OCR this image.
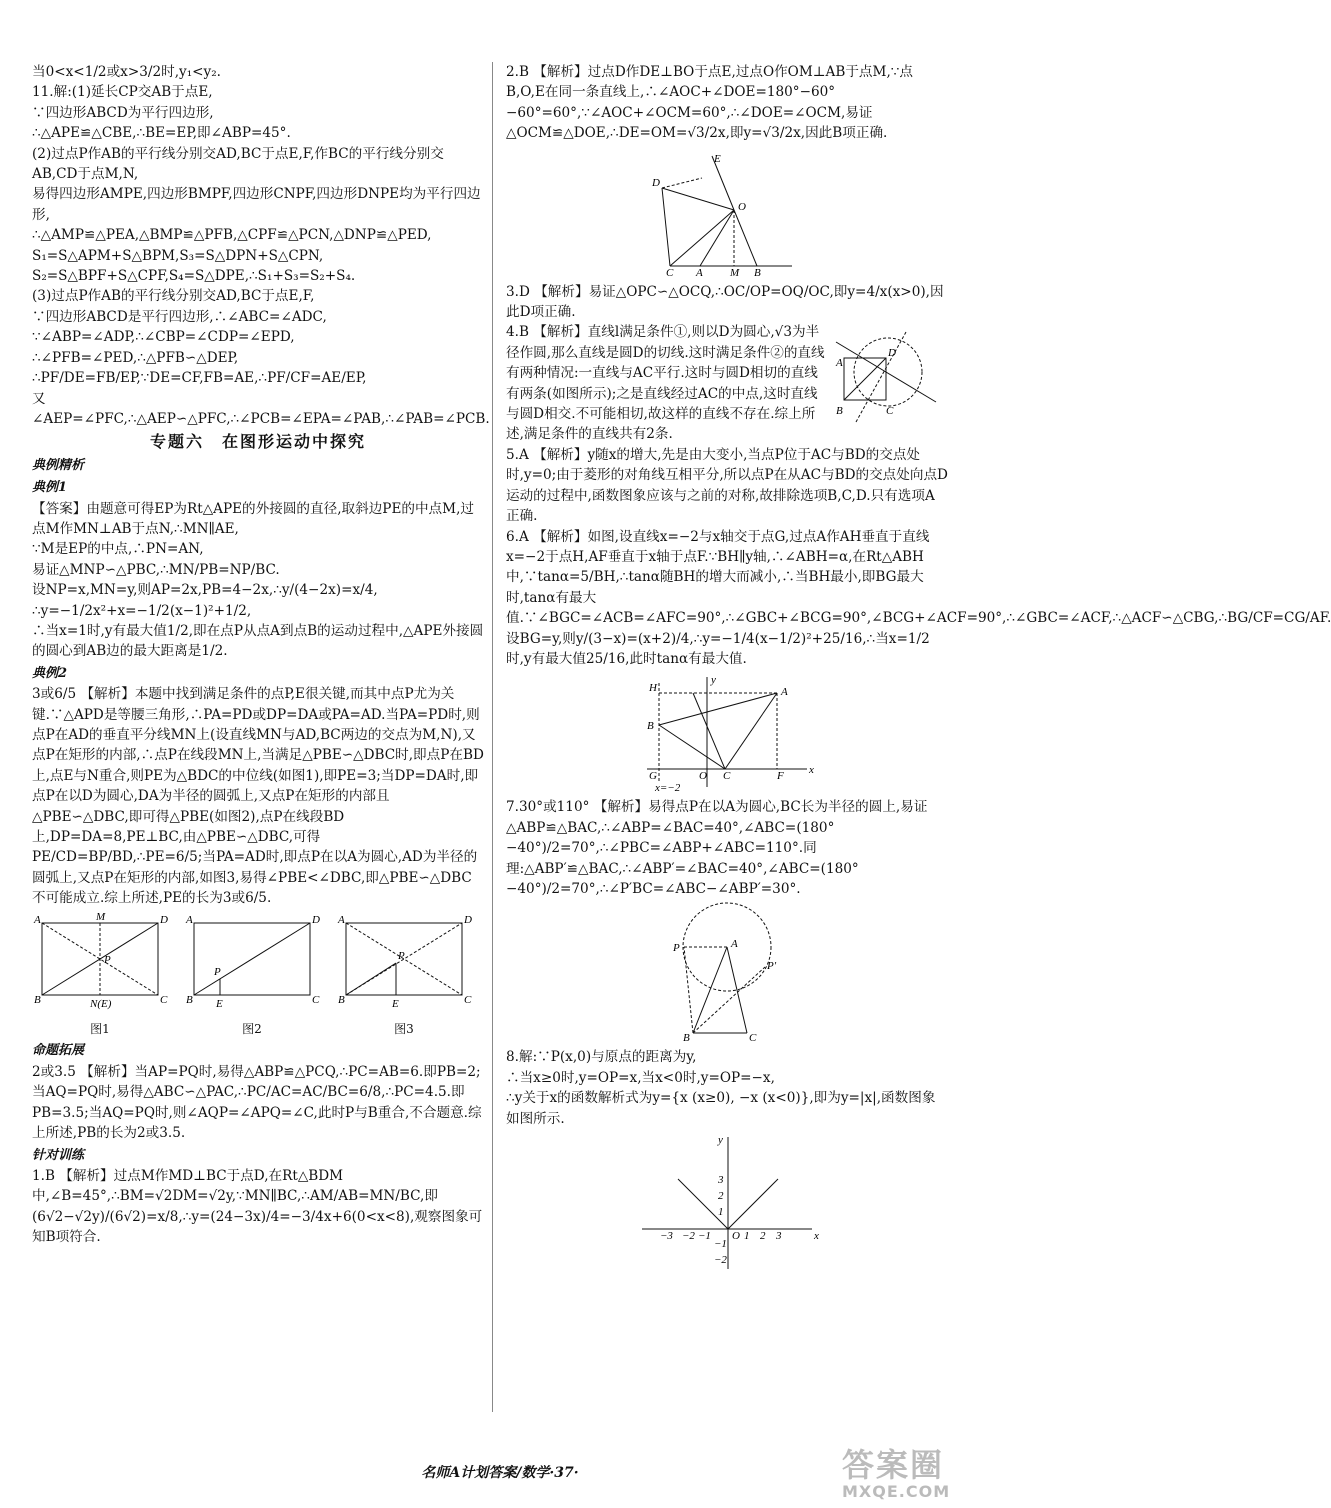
当0<x<1/2或x>3/2时,y₁<y₂.

11.解:(1)延长CP交AB于点E,

∵四边形ABCD为平行四边形,

∴△APE≌△CBE,∴BE=EP,即∠ABP=45°.

(2)过点P作AB的平行线分别交AD,BC于点E,F,作BC的平行线分别交AB,CD于点M,N,

易得四边形AMPE,四边形BMPF,四边形CNPF,四边形DNPE均为平行四边形,

∴△AMP≌△PEA,△BMP≌△PFB,△CPF≌△PCN,△DNP≌△PED,

S₁=S△APM+S△BPM,S₃=S△DPN+S△CPN,

S₂=S△BPF+S△CPF,S₄=S△DPE,∴S₁+S₃=S₂+S₄.

(3)过点P作AB的平行线分别交AD,BC于点E,F,

∵四边形ABCD是平行四边形,∴∠ABC=∠ADC,

∵∠ABP=∠ADP,∴∠CBP=∠CDP=∠EPD,

∴∠PFB=∠PED,∴△PFB∽△DEP,

∴PF/DE=FB/EP,∵DE=CF,FB=AE,∴PF/CF=AE/EP,

又∠AEP=∠PFC,∴△AEP∽△PFC,∴∠PCB=∠EPA=∠PAB,∴∠PAB=∠PCB.

专题六　在图形运动中探究
典例精析
典例1

【答案】由题意可得EP为Rt△APE的外接圆的直径,取斜边PE的中点M,过点M作MN⊥AB于点N,∴MN∥AE,

∵M是EP的中点,∴PN=AN,

易证△MNP∽△PBC,∴MN/PB=NP/BC.

设NP=x,MN=y,则AP=2x,PB=4−2x,∴y/(4−2x)=x/4,

∴y=−1/2x²+x=−1/2(x−1)²+1/2,

∴当x=1时,y有最大值1/2,即在点P从点A到点B的运动过程中,△APE外接圆的圆心到AB边的最大距离是1/2.

典例2

3或6/5 【解析】本题中找到满足条件的点P,E很关键,而其中点P尤为关键.∵△APD是等腰三角形,∴PA=PD或DP=DA或PA=AD.当PA=PD时,则点P在AD的垂直平分线MN上(设直线MN与AD,BC两边的交点为M,N),又点P在矩形的内部,∴点P在线段MN上,当满足△PBE∽△DBC时,即点P在BD上,点E与N重合,则PE为△BDC的中位线(如图1),即PE=3;当DP=DA时,即点P在以D为圆心,DA为半径的圆弧上,又点P在矩形的内部且△PBE∽△DBC,即可得△PBE(如图2),点P在线段BD上,DP=DA=8,PE⊥BC,由△PBE∽△DBC,可得PE/CD=BP/BD,∴PE=6/5;当PA=AD时,即点P在以A为圆心,AD为半径的圆弧上,又点P在矩形的内部,如图3,易得∠PBE<∠DBC,即△PBE∽△DBC不可能成立.综上所述,PE的长为3或6/5.

A	D
B	C
M
P
N(E)
图1
A	D
B	C
P
E
图2
A	D
B	C
P
E
图3
命题拓展

2或3.5 【解析】当AP=PQ时,易得△ABP≌△PCQ,∴PC=AB=6.即PB=2;当AQ=PQ时,易得△ABC∽△PAC,∴PC/AC=AC/BC=6/8,∴PC=4.5.即PB=3.5;当AQ=PQ时,则∠AQP=∠APQ=∠C,此时P与B重合,不合题意.综上所述,PB的长为2或3.5.

针对训练

1.B 【解析】过点M作MD⊥BC于点D,在Rt△BDM中,∠B=45°,∴BM=√2DM=√2y,∵MN∥BC,∴AM/AB=MN/BC,即(6√2−√2y)/(6√2)=x/8,∴y=(24−3x)/4=−3/4x+6(0<x<8),观察图象可知B项符合.

2.B 【解析】过点D作DE⊥BO于点E,过点O作OM⊥AB于点M,∵点B,O,E在同一条直线上,∴∠AOC+∠DOE=180°−60°−60°=60°,∵∠AOC+∠OCM=60°,∴∠DOE=∠OCM,易证△OCM≌△DOE,∴DE=OM=√3/2x,即y=√3/2x,因此B项正确.

D
E
O
C A M B

3.D 【解析】易证△OPC∽△OCQ,∴OC/OP=OQ/OC,即y=4/x(x>0),因此D项正确.

4.B 【解析】直线l满足条件①,则以D为圆心,√3为半径作圆,那么直线是圆D的切线.这时满足条件②的直线有两种情况:一直线与AC平行.这时与圆D相切的直线有两条(如图所示);之是直线经过AC的中点,这时直线与圆D相交.不可能相切,故这样的直线不存在.综上所述,满足条件的直线共有2条.

A
D
B	C

5.A 【解析】y随x的增大,先是由大变小,当点P位于AC与BD的交点处时,y=0;由于菱形的对角线互相平分,所以点P在从AC与BD的交点处向点D运动的过程中,函数图象应该与之前的对称,故排除选项B,C,D.只有选项A正确.

6.A 【解析】如图,设直线x=−2与x轴交于点G,过点A作AH垂直于直线x=−2于点H,AF垂直于x轴于点F.∵BH∥y轴,∴∠ABH=α,在Rt△ABH中,∵tanα=5/BH,∴tanα随BH的增大而减小,∴当BH最小,即BG最大时,tanα有最大值.∵∠BGC=∠ACB=∠AFC=90°,∴∠GBC+∠BCG=90°,∠BCG+∠ACF=90°,∴∠GBC=∠ACF,∴△ACF∽△CBG,∴BG/CF=CG/AF.设BG=y,则y/(3−x)=(x+2)/4,∴y=−1/4(x−1/2)²+25/16,∴当x=1/2时,y有最大值25/16,此时tanα有最大值.

H	A
B
G	O C	F x
y
x=−2

7.30°或110° 【解析】易得点P在以A为圆心,BC长为半径的圆上,易证△ABP≌△BAC,∴∠ABP=∠BAC=40°,∠ABC=(180°−40°)/2=70°,∴∠PBC=∠ABP+∠ABC=110°.同理:△ABP′≌△BAC,∴∠ABP′=∠BAC=40°,∠ABC=(180°−40°)/2=70°,∴∠P′BC=∠ABC−∠ABP′=30°.

P	A
P′
B	C

8.解:∵P(x,0)与原点的距离为y,

∴当x≥0时,y=OP=x,当x<0时,y=OP=−x,

∴y关于x的函数解析式为y={x (x≥0), −x (x<0)},即为y=|x|,函数图象如图所示.

x
y
O 1 2 3
−1
−2
−3
1
2
3
−1
−2
名师A计划答案/数学·37·	答案圈
MXQE.COM
